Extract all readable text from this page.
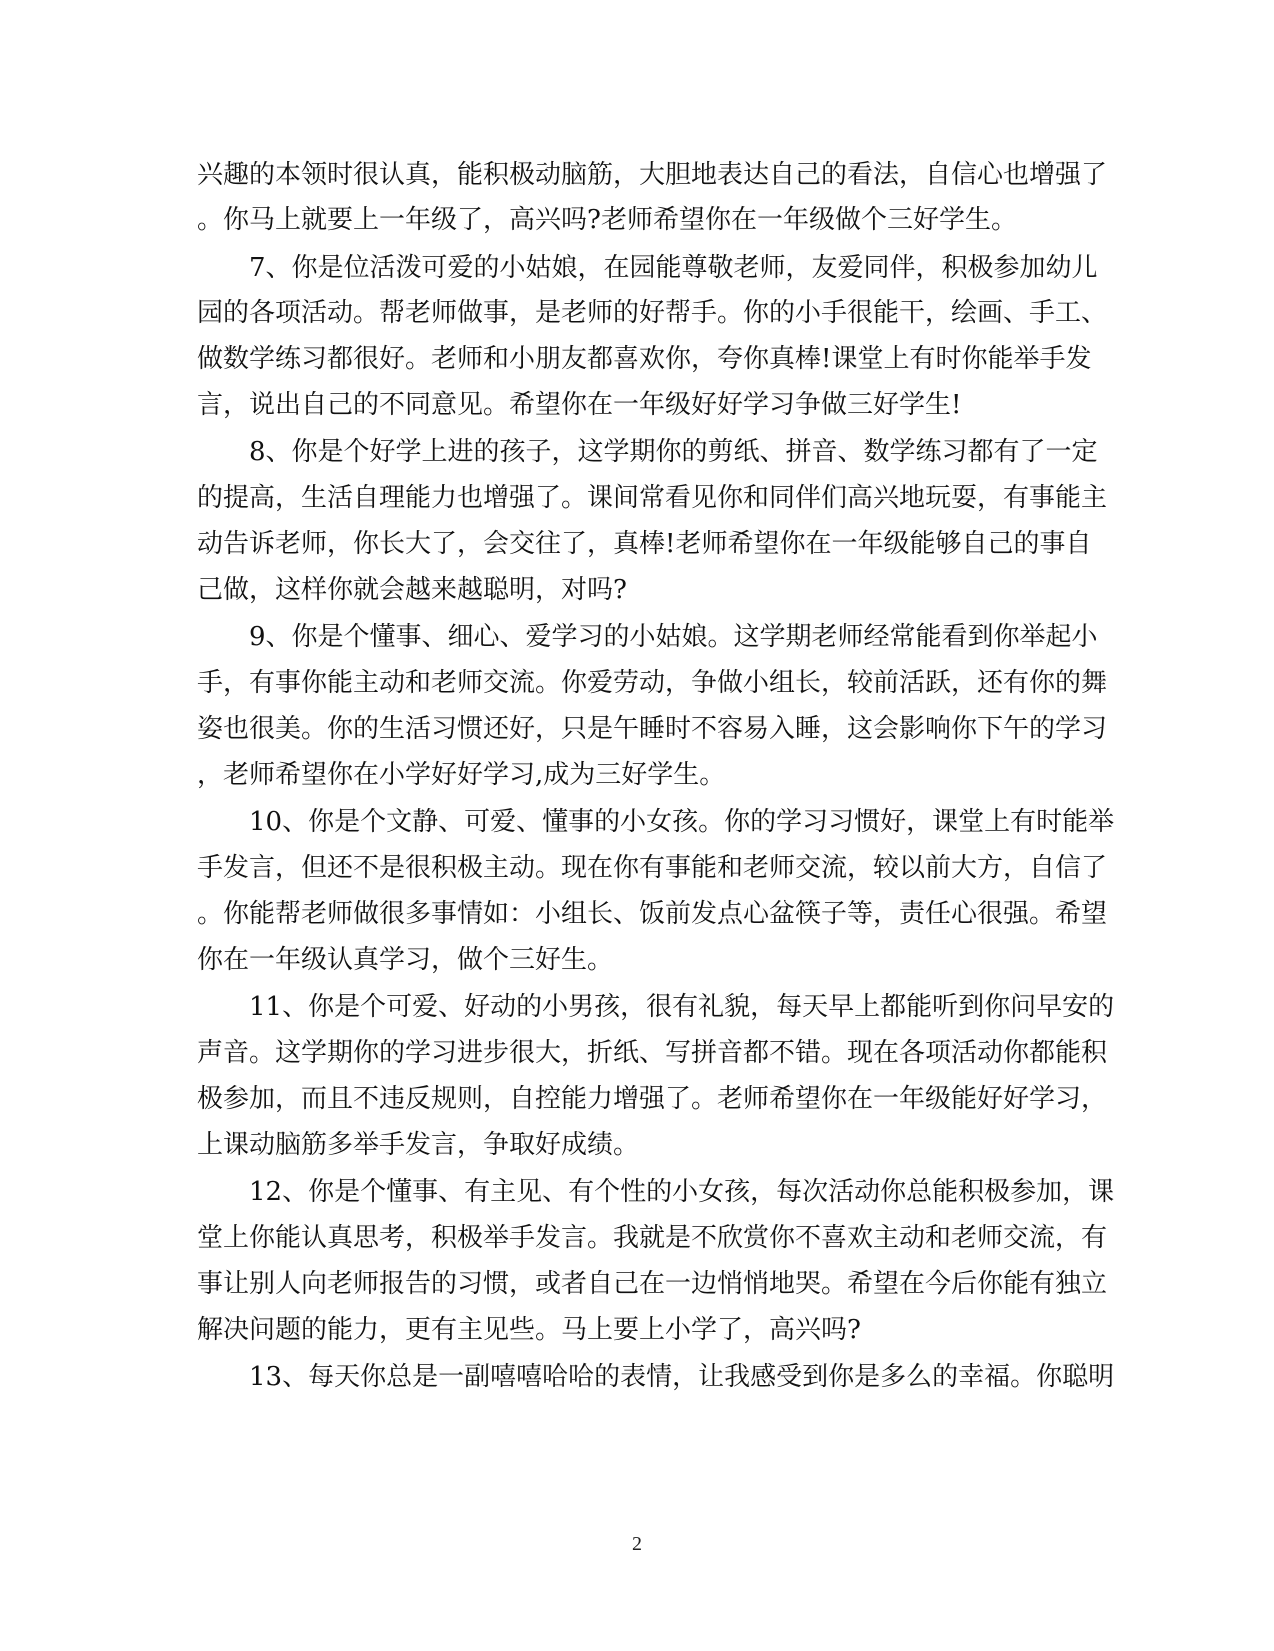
兴趣的本领时很认真，能积极动脑筋，大胆地表达自己的看法，自信心也增强了
。你马上就要上一年级了，高兴吗?老师希望你在一年级做个三好学生。
7、你是位活泼可爱的小姑娘，在园能尊敬老师，友爱同伴，积极参加幼儿
园的各项活动。帮老师做事，是老师的好帮手。你的小手很能干，绘画、手工、
做数学练习都很好。老师和小朋友都喜欢你，夸你真棒!课堂上有时你能举手发
言，说出自己的不同意见。希望你在一年级好好学习争做三好学生!
8、你是个好学上进的孩子，这学期你的剪纸、拼音、数学练习都有了一定
的提高，生活自理能力也增强了。课间常看见你和同伴们高兴地玩耍，有事能主
动告诉老师，你长大了，会交往了，真棒!老师希望你在一年级能够自己的事自
己做，这样你就会越来越聪明，对吗?
9、你是个懂事、细心、爱学习的小姑娘。这学期老师经常能看到你举起小
手，有事你能主动和老师交流。你爱劳动，争做小组长，较前活跃，还有你的舞
姿也很美。你的生活习惯还好，只是午睡时不容易入睡，这会影响你下午的学习
，老师希望你在小学好好学习,成为三好学生。
10、你是个文静、可爱、懂事的小女孩。你的学习习惯好，课堂上有时能举
手发言，但还不是很积极主动。现在你有事能和老师交流，较以前大方，自信了
。你能帮老师做很多事情如：小组长、饭前发点心盆筷子等，责任心很强。希望
你在一年级认真学习，做个三好生。
11、你是个可爱、好动的小男孩，很有礼貌，每天早上都能听到你问早安的
声音。这学期你的学习进步很大，折纸、写拼音都不错。现在各项活动你都能积
极参加，而且不违反规则，自控能力增强了。老师希望你在一年级能好好学习，
上课动脑筋多举手发言，争取好成绩。
12、你是个懂事、有主见、有个性的小女孩，每次活动你总能积极参加，课
堂上你能认真思考，积极举手发言。我就是不欣赏你不喜欢主动和老师交流，有
事让别人向老师报告的习惯，或者自己在一边悄悄地哭。希望在今后你能有独立
解决问题的能力，更有主见些。马上要上小学了，高兴吗?
13、每天你总是一副嘻嘻哈哈的表情，让我感受到你是多么的幸福。你聪明
2
